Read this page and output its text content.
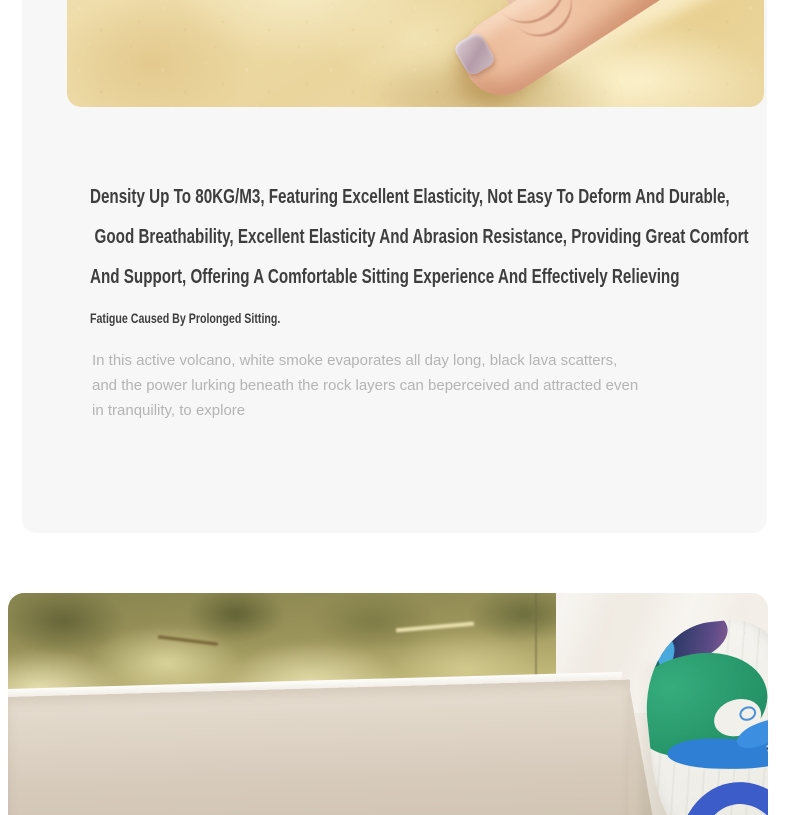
Density Up To 80KG/M3, Featuring Excellent Elasticity, Not Easy To Deform And Durable,
Good Breathability, Excellent Elasticity And Abrasion Resistance, Providing Great Comfort
And Support, Offering A Comfortable Sitting Experience And Effectively Relieving
Fatigue Caused By Prolonged Sitting.
In this active volcano, white smoke evaporates all day long, black lava scatters,
and the power lurking beneath the rock layers can beperceived and attracted even
in tranquility, to explore
